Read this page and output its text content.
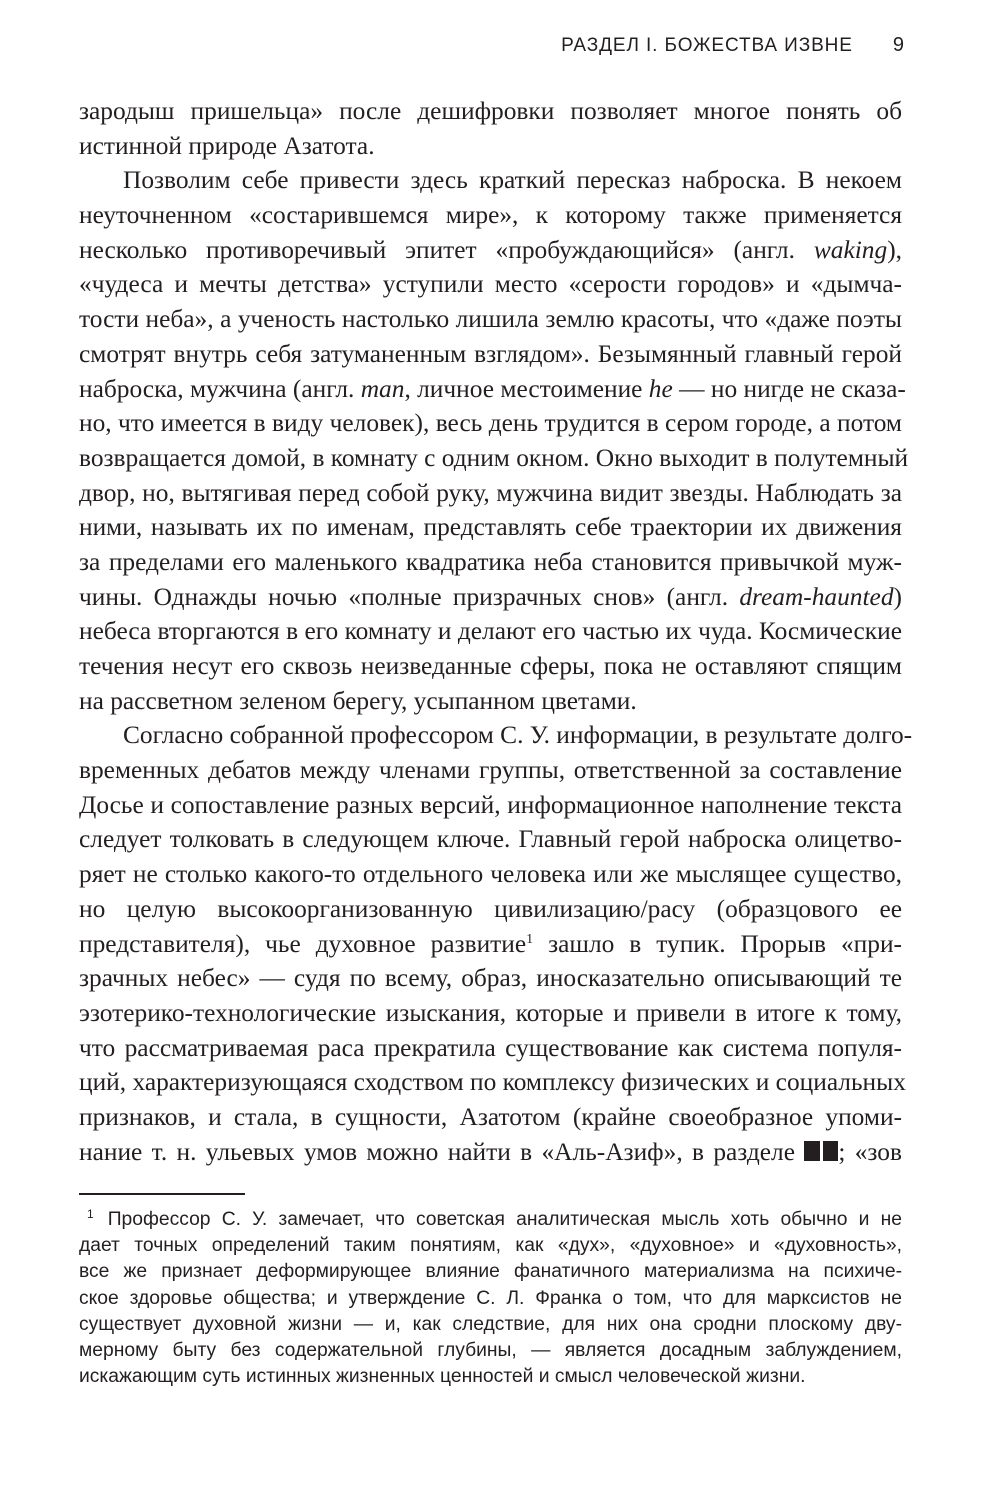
РАЗДЕЛ I. БОЖЕСТВА ИЗВНЕ 9
зародыш пришельца» после дешифровки позволяет многое понять об
истинной природе Азатота.
Позволим себе привести здесь краткий пересказ наброска. В некоем
неуточненном «состарившемся мире», к которому также применяется
несколько противоречивый эпитет «пробуждающийся» (англ. waking),
«чудеса и мечты детства» уступили место «серости городов» и «дымча-
тости неба», а ученость настолько лишила землю красоты, что «даже поэты
смотрят внутрь себя затуманенным взглядом». Безымянный главный герой
наброска, мужчина (англ. man, личное местоимение he — но нигде не сказа-
но, что имеется в виду человек), весь день трудится в сером городе, а потом
возвращается домой, в комнату с одним окном. Окно выходит в полутемный
двор, но, вытягивая перед собой руку, мужчина видит звезды. Наблюдать за
ними, называть их по именам, представлять себе траектории их движения
за пределами его маленького квадратика неба становится привычкой муж-
чины. Однажды ночью «полные призрачных снов» (англ. dream-haunted)
небеса вторгаются в его комнату и делают его частью их чуда. Космические
течения несут его сквозь неизведанные сферы, пока не оставляют спящим
на рассветном зеленом берегу, усыпанном цветами.
Согласно собранной профессором С. У. информации, в результате долго-
временных дебатов между членами группы, ответственной за составление
Досье и сопоставление разных версий, информационное наполнение текста
следует толковать в следующем ключе. Главный герой наброска олицетво-
ряет не столько какого-то отдельного человека или же мыслящее существо,
но целую высокоорганизованную цивилизацию/расу (образцового ее
представителя), чье духовное развитие$^1$ зашло в тупик. Прорыв «при-
зрачных небес» — судя по всему, образ, иносказательно описывающий те
эзотерико-технологические изыскания, которые и привели в итоге к тому,
что рассматриваемая раса прекратила существование как система популя-
ций, характеризующаяся сходством по комплексу физических и социальных
признаков, и стала, в сущности, Азатотом (крайне своеобразное упоми-
нание т. н. ульевых умов можно найти в «Аль-Азиф», в разделе ; «зов
$^1$ Профессор С. У. замечает, что советская аналитическая мысль хоть обычно и не
дает точных определений таким понятиям, как «дух», «духовное» и «духовность»,
все же признает деформирующее влияние фанатичного материализма на психиче-
ское здоровье общества; и утверждение С. Л. Франка о том, что для марксистов не
существует духовной жизни — и, как следствие, для них она сродни плоскому дву-
мерному быту без содержательной глубины, — является досадным заблуждением,
искажающим суть истинных жизненных ценностей и смысл человеческой жизни.
